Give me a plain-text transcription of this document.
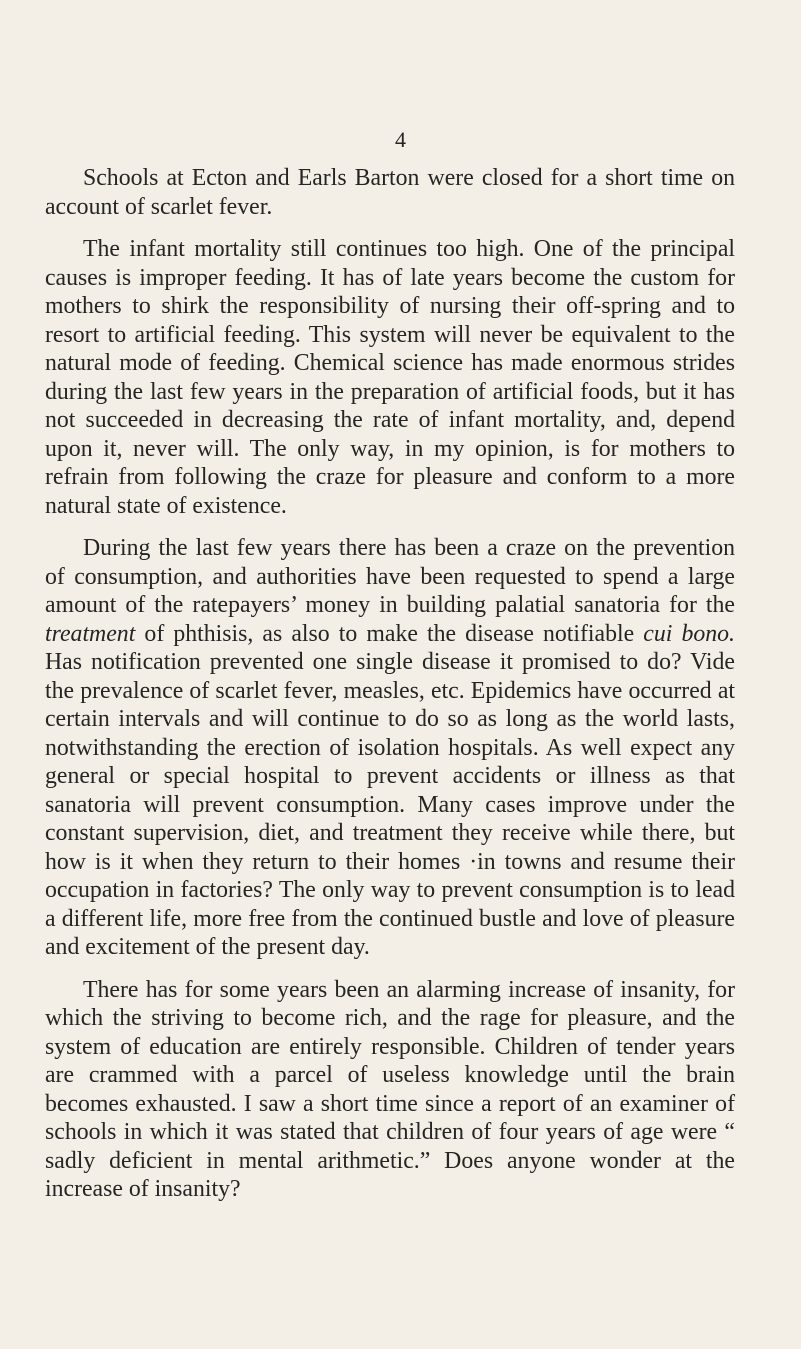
4

Schools at Ecton and Earls Barton were closed for a short time on account of scarlet fever.

The infant mortality still continues too high. One of the principal causes is improper feeding. It has of late years become the custom for mothers to shirk the responsibility of nursing their off-spring and to resort to artificial feeding. This system will never be equivalent to the natural mode of feeding. Chemical science has made enormous strides during the last few years in the preparation of artificial foods, but it has not succeeded in decreasing the rate of infant mortality, and, depend upon it, never will. The only way, in my opinion, is for mothers to refrain from following the craze for pleasure and conform to a more natural state of existence.

During the last few years there has been a craze on the prevention of consumption, and authorities have been requested to spend a large amount of the ratepayers’ money in building palatial sanatoria for the treatment of phthisis, as also to make the disease notifiable cui bono. Has notification prevented one single disease it promised to do? Vide the prevalence of scarlet fever, measles, etc. Epidemics have occurred at certain intervals and will continue to do so as long as the world lasts, notwithstanding the erection of isolation hospitals. As well expect any general or special hospital to prevent accidents or illness as that sanatoria will prevent consumption. Many cases improve under the constant supervision, diet, and treatment they receive while there, but how is it when they return to their homes ·in towns and resume their occupation in factories? The only way to prevent consumption is to lead a different life, more free from the continued bustle and love of pleasure and excitement of the present day.

There has for some years been an alarming increase of insanity, for which the striving to become rich, and the rage for pleasure, and the system of education are entirely responsible. Children of tender years are crammed with a parcel of useless knowledge until the brain becomes exhausted. I saw a short time since a report of an examiner of schools in which it was stated that children of four years of age were “ sadly deficient in mental arithmetic.” Does anyone wonder at the increase of insanity?
